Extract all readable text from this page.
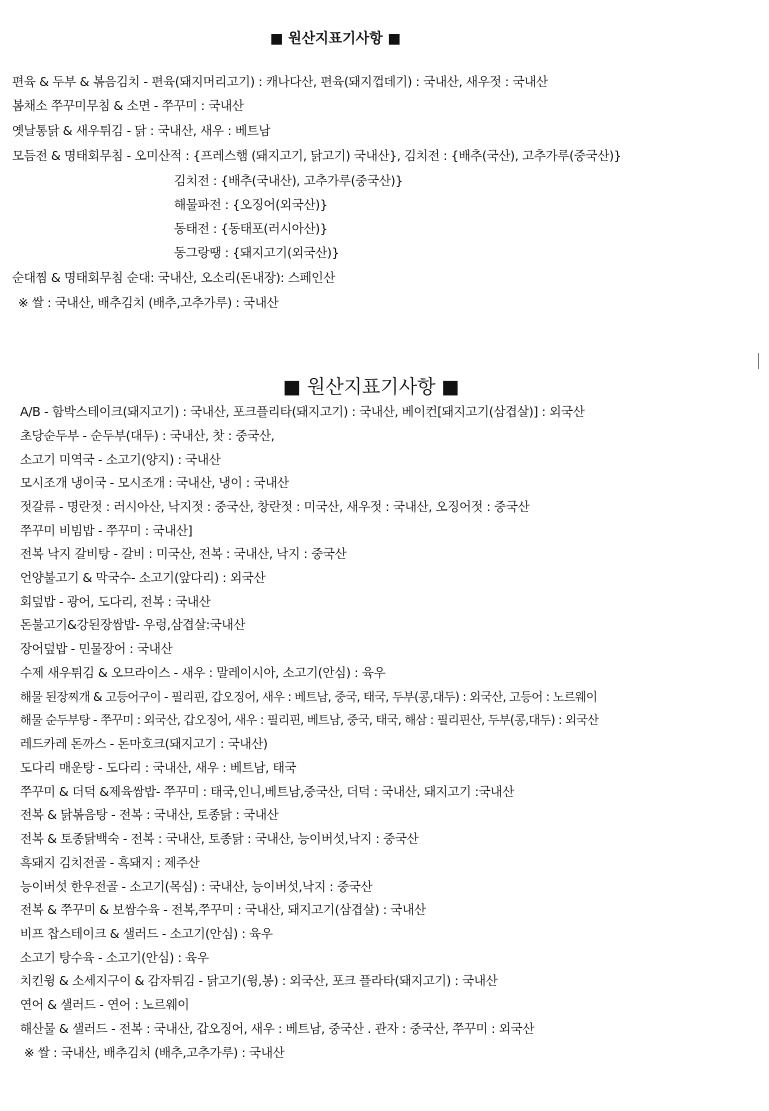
■ 원산지표기사항 ■
편육 & 두부 & 볶음김치 - 편육(돼지머리고기) : 캐나다산, 편육(돼지껍데기) : 국내산, 새우젓 : 국내산
봄채소 쭈꾸미무침 & 소면 - 쭈꾸미 : 국내산
옛날통닭 & 새우튀김 - 닭 : 국내산, 새우 : 베트남
모듬전 & 명태회무침 - 오미산적 : {프레스햄 (돼지고기, 닭고기) 국내산}, 김치전 : {배추(국산), 고추가루(중국산)}
김치전 : {배추(국내산), 고추가루(중국산)}
해물파전 : {오징어(외국산)}
동태전 : {동태포(러시아산)}
동그랑땡 : {돼지고기(외국산)}
순대찜 & 명태회무침 순대: 국내산, 오소리(돈내장): 스페인산
※ 쌀 : 국내산, 배추김치 (배추,고추가루) : 국내산
■ 원산지표기사항 ■
A/B - 함박스테이크(돼지고기) : 국내산, 포크플리타(돼지고기) : 국내산, 베이컨[돼지고기(삼겹살)] : 외국산
초당순두부 - 순두부(대두) : 국내산, 찻 : 중국산,
소고기 미역국 - 소고기(양지) : 국내산
모시조개 냉이국 - 모시조개 : 국내산, 냉이 : 국내산
젓갈류 - 명란젓 : 러시아산, 낙지젓 : 중국산, 창란젓 : 미국산, 새우젓 : 국내산, 오징어젓 : 중국산
쭈꾸미 비빔밥 - 쭈꾸미 : 국내산]
전복 낙지 갈비탕 - 갈비 : 미국산, 전복 : 국내산, 낙지 : 중국산
언양불고기 & 막국수- 소고기(앞다리) : 외국산
회덮밥 - 광어, 도다리, 전복 : 국내산
돈불고기&강된장쌈밥- 우렁,삼겹살:국내산
장어덮밥 - 민물장어 : 국내산
수제 새우튀김 & 오므라이스 - 새우 : 말레이시아, 소고기(안심) : 육우
해물 된장찌개 & 고등어구이 - 필리핀, 갑오징어, 새우 : 베트남, 중국, 태국, 두부(콩,대두) : 외국산, 고등어 : 노르웨이
해물 순두부탕 - 쭈꾸미 : 외국산, 갑오징어, 새우 : 필리핀, 베트남, 중국, 태국, 해삼 : 필리핀산, 두부(콩,대두) : 외국산
레드카레 돈까스 - 돈마호크(돼지고기 : 국내산)
도다리 매운탕 - 도다리 : 국내산, 새우 : 베트남, 태국
쭈꾸미 & 더덕 &제육쌈밥- 쭈꾸미 : 태국,인니,베트남,중국산, 더덕 : 국내산, 돼지고기 :국내산
전복 & 닭볶음탕 - 전복 : 국내산, 토종닭 : 국내산
전복 & 토종닭백숙 - 전복 : 국내산, 토종닭 : 국내산, 능이버섯,낙지 : 중국산
흑돼지 김치전골 - 흑돼지 : 제주산
능이버섯 한우전골 - 소고기(목심) : 국내산, 능이버섯,낙지 : 중국산
전복 & 쭈꾸미 & 보쌈수육 - 전복,쭈꾸미 : 국내산, 돼지고기(삼겹살) : 국내산
비프 찹스테이크 & 샐러드 - 소고기(안심) : 육우
소고기 탕수육 - 소고기(안심) : 육우
치킨윙 & 소세지구이 & 감자튀김 - 닭고기(윙,봉) : 외국산, 포크 플라타(돼지고기) : 국내산
연어 & 샐러드 - 연어 : 노르웨이
해산물 & 샐러드 - 전복 : 국내산, 갑오징어, 새우 : 베트남, 중국산 . 관자 : 중국산, 쭈꾸미 : 외국산
※ 쌀 : 국내산, 배추김치 (배추,고추가루) : 국내산
